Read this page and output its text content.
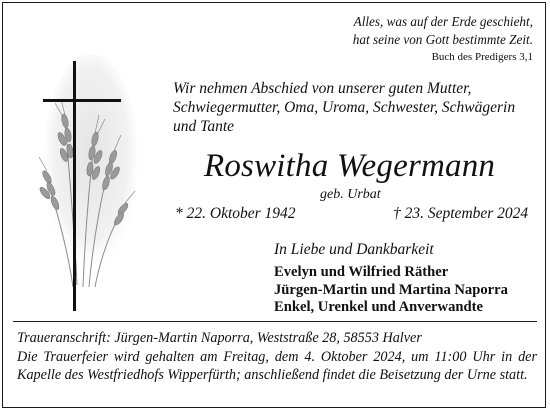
Alles, was auf der Erde geschieht,
hat seine von Gott bestimmte Zeit.
Buch des Predigers 3,1
Wir nehmen Abschied von unserer guten Mutter,
Schwiegermutter, Oma, Uroma, Schwester, Schwägerin
und Tante
Roswitha Wegermann
geb. Urbat
* 22. Oktober 1942	† 23. September 2024
In Liebe und Dankbarkeit
Evelyn und Wilfried Räther
Jürgen-Martin und Martina Naporra
Enkel, Urenkel und Anverwandte
Traueranschrift: Jürgen-Martin Naporra, Weststraße 28, 58553 Halver
Die Trauerfeier wird gehalten am Freitag, dem 4. Oktober 2024, um 11:00 Uhr in der Kapelle des Westfriedhofs Wipperfürth; anschließend findet die Beisetzung der Urne statt.
